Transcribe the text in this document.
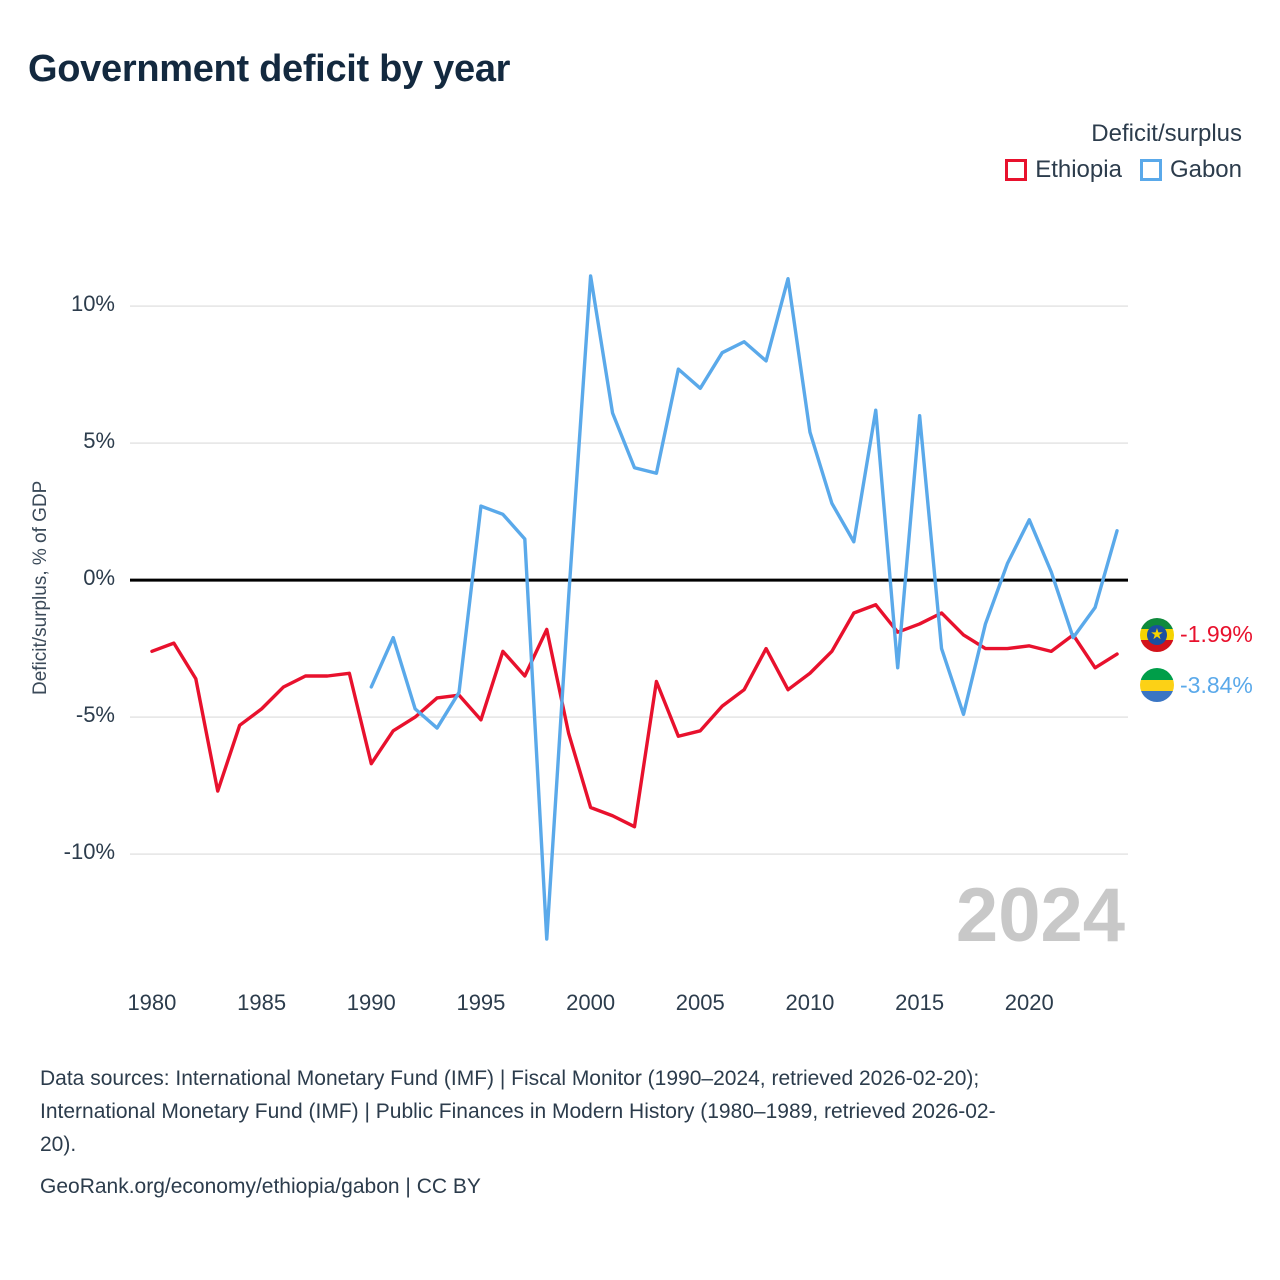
Government deficit by year
Deficit/surplus
Ethiopia Gabon
Deficit/surplus, % of GDP
10%
5%
0%
-5%
-10%
1980	1985	1990	1995	2000	2005	2010	2015	2020
2024
★ -1.99%
-3.84%

Data sources: International Monetary Fund (IMF) | Fiscal Monitor (1990–2024, retrieved 2026-02-20);

International Monetary Fund (IMF) | Public Finances in Modern History (1980–1989, retrieved 2026-02-

20).

GeoRank.org/economy/ethiopia/gabon | CC BY
